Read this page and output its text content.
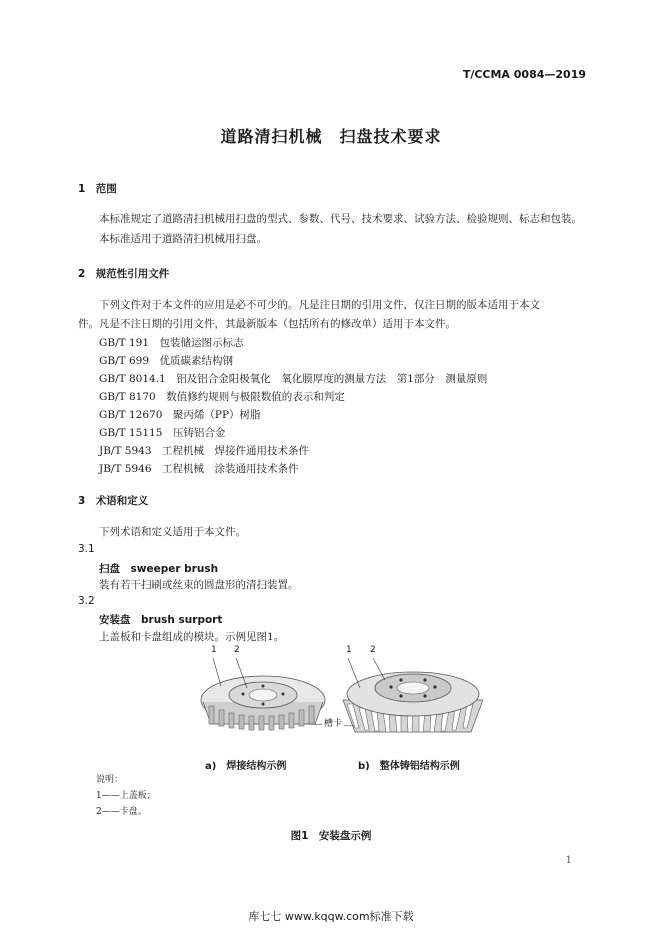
T/CCMA 0084—2019
道路清扫机械　扫盘技术要求
1　范围
本标准规定了道路清扫机械用扫盘的型式、参数、代号、技术要求、试验方法、检验规则、标志和包装。
本标准适用于道路清扫机械用扫盘。
2　规范性引用文件
下列文件对于本文件的应用是必不可少的。凡是注日期的引用文件，仅注日期的版本适用于本文
件。凡是不注日期的引用文件，其最新版本（包括所有的修改单）适用于本文件。
GB/T 191　包装储运图示标志
GB/T 699　优质碳素结构钢
GB/T 8014.1　铝及铝合金阳极氧化　氧化膜厚度的测量方法　第1部分　测量原则
GB/T 8170　数值修约规则与极限数值的表示和判定
GB/T 12670　聚丙烯（PP）树脂
GB/T 15115　压铸铝合金
JB/T 5943　工程机械　焊接件通用技术条件
JB/T 5946　工程机械　涂装通用技术条件
3　术语和定义
下列术语和定义适用于本文件。
3.1
扫盘　sweeper brush
装有若干扫刷或丝束的圆盘形的清扫装置。
3.2
安装盘　brush surport
上盖板和卡盘组成的模块。示例见图1。
1 2	1 2
槽卡
a)　焊接结构示例	b)　整体铸铝结构示例
说明：
1——上盖板；
2——卡盘。
图1　安装盘示例
1
库七七 www.kqqw.com标准下载
